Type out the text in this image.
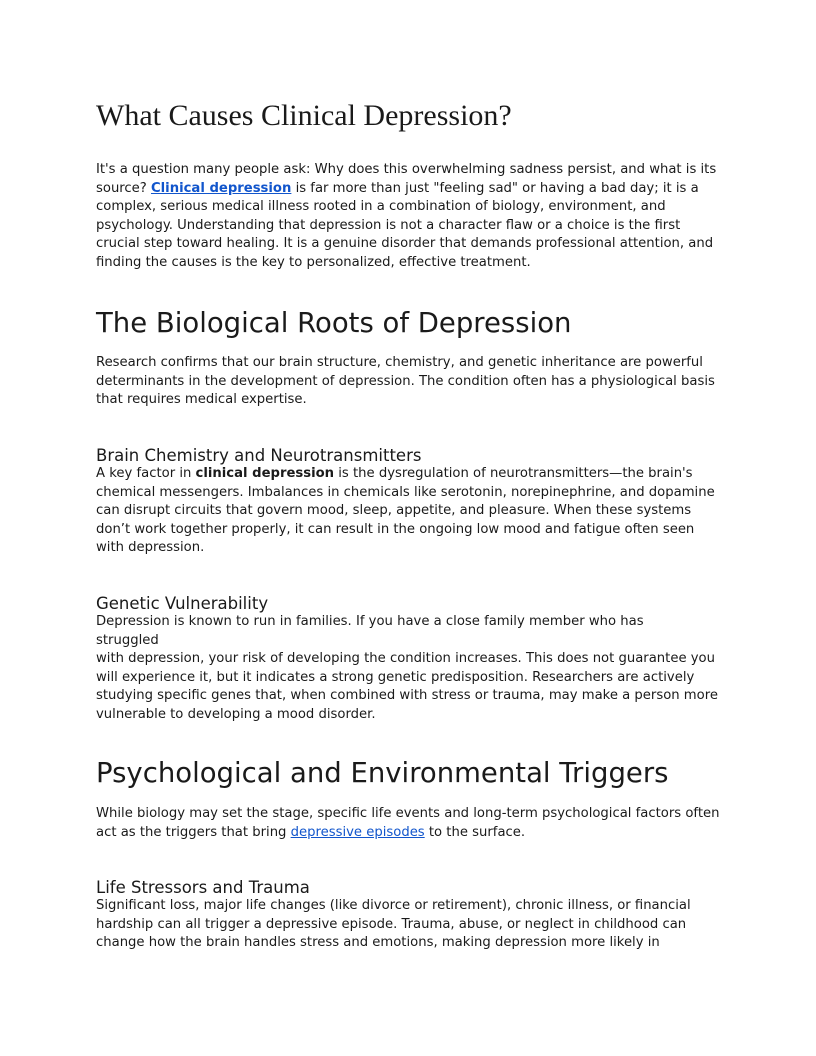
What Causes Clinical Depression?

It's a question many people ask: Why does this overwhelming sadness persist, and what is its source? Clinical depression is far more than just "feeling sad" or having a bad day; it is a complex, serious medical illness rooted in a combination of biology, environment, and psychology. Understanding that depression is not a character flaw or a choice is the first crucial step toward healing. It is a genuine disorder that demands professional attention, and finding the causes is the key to personalized, effective treatment.

The Biological Roots of Depression

Research confirms that our brain structure, chemistry, and genetic inheritance are powerful determinants in the development of depression. The condition often has a physiological basis that requires medical expertise.

Brain Chemistry and Neurotransmitters

A key factor in clinical depression is the dysregulation of neurotransmitters—the brain's chemical messengers. Imbalances in chemicals like serotonin, norepinephrine, and dopamine can disrupt circuits that govern mood, sleep, appetite, and pleasure. When these systems don’t work together properly, it can result in the ongoing low mood and fatigue often seen with depression.

Genetic Vulnerability

Depression is known to run in families. If you have a close family member who has struggled

with depression, your risk of developing the condition increases. This does not guarantee you will experience it, but it indicates a strong genetic predisposition. Researchers are actively studying specific genes that, when combined with stress or trauma, may make a person more vulnerable to developing a mood disorder.

Psychological and Environmental Triggers

While biology may set the stage, specific life events and long-term psychological factors often act as the triggers that bring depressive episodes to the surface.

Life Stressors and Trauma

Significant loss, major life changes (like divorce or retirement), chronic illness, or financial hardship can all trigger a depressive episode. Trauma, abuse, or neglect in childhood can change how the brain handles stress and emotions, making depression more likely in
